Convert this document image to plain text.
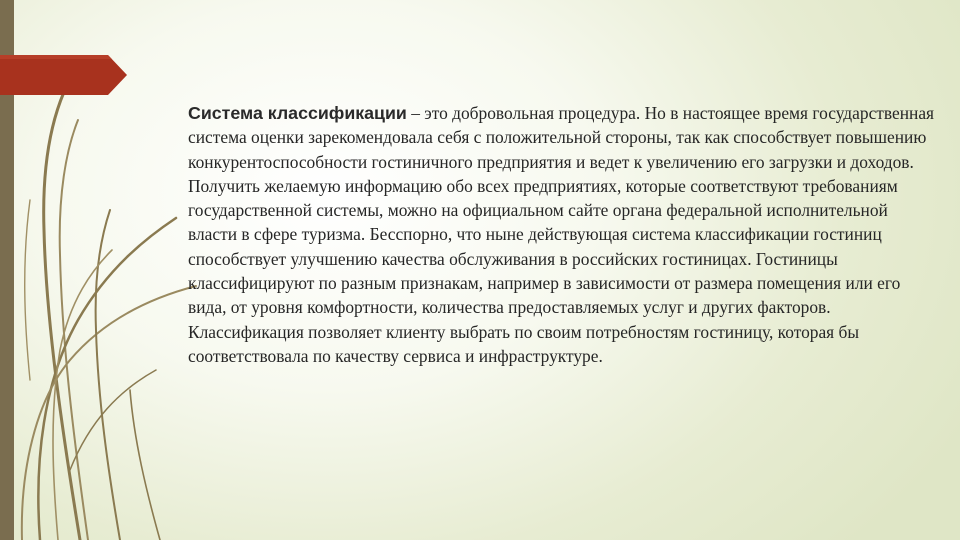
Система классификации – это добровольная процедура. Но в настоящее время государственная система оценки зарекомендовала себя с положительной стороны, так как способствует повышению конкурентоспособности гостиничного предприятия и ведет к увеличению его загрузки и доходов. Получить желаемую информацию обо всех предприятиях, которые соответствуют требованиям государственной системы, можно на официальном сайте органа федеральной исполнительной власти в сфере туризма. Бесспорно, что ныне действующая система классификации гостиниц способствует улучшению качества обслуживания в российских гостиницах. Гостиницы классифицируют по разным признакам, например в зависимости от размера помещения или его вида, от уровня комфортности, количества предоставляемых услуг и других факторов. Классификация позволяет клиенту выбрать по своим потребностям гостиницу, которая бы соответствовала по качеству сервиса и инфраструктуре.
